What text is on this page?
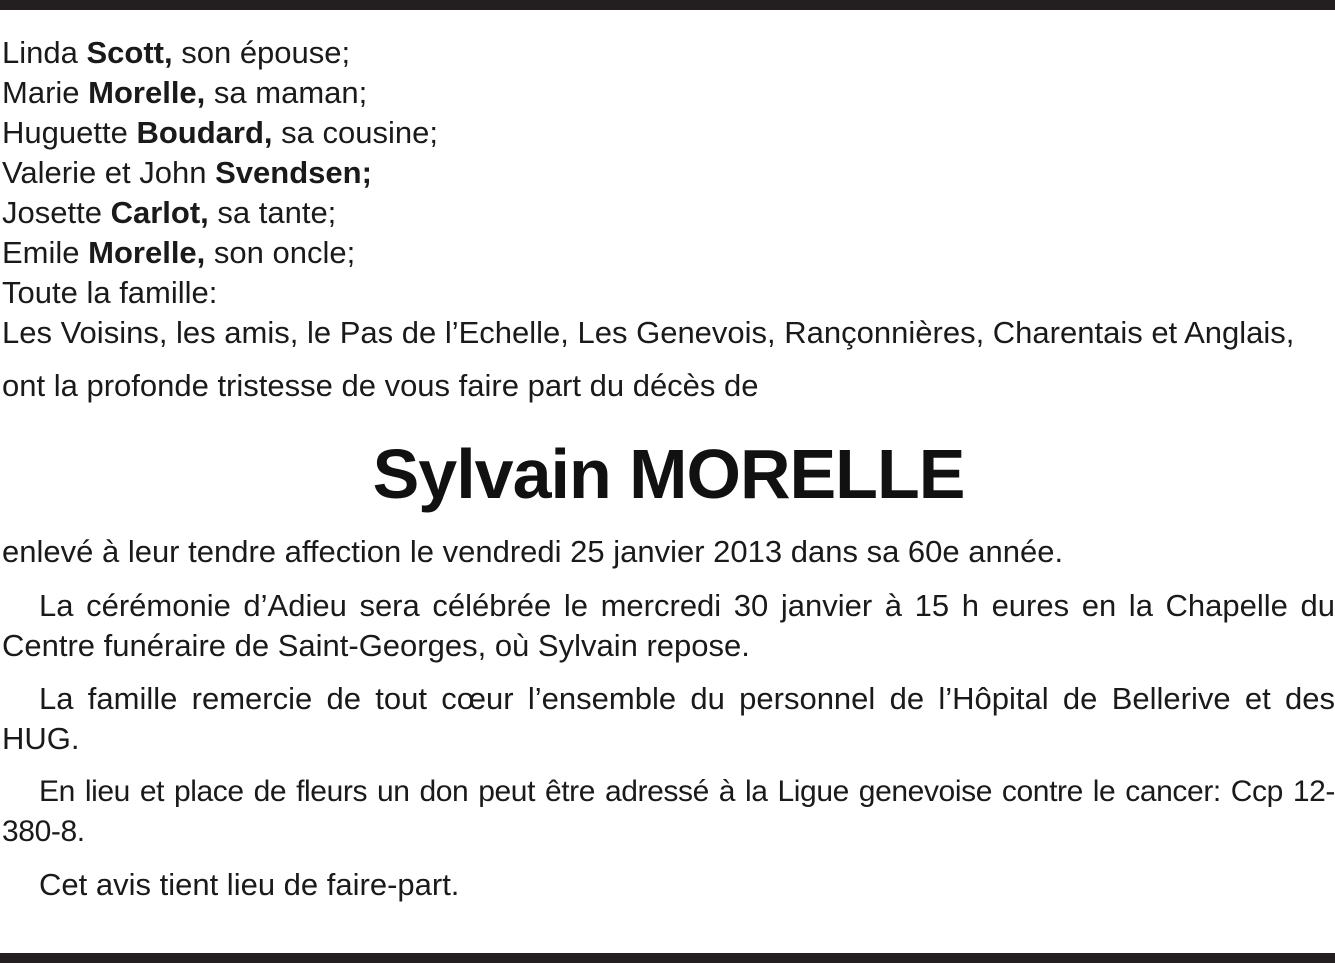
Linda Scott, son épouse;
Marie Morelle, sa maman;
Huguette Boudard, sa cousine;
Valerie et John Svendsen;
Josette Carlot, sa tante;
Emile Morelle, son oncle;
Toute la famille:
Les Voisins, les amis, le Pas de l’Echelle, Les Genevois, Rançonnières, Charentais et Anglais,
ont la profonde tristesse de vous faire part du décès de
Sylvain MORELLE
enlevé à leur tendre affection le vendredi 25 janvier 2013 dans sa 60e année.
La cérémonie d’Adieu sera célébrée le mercredi 30 janvier à 15 h eures en la Chapelle du Centre funéraire de Saint-Georges, où Sylvain repose.
La famille remercie de tout cœur l’ensemble du personnel de l’Hôpital de Bellerive et des HUG.
En lieu et place de fleurs un don peut être adressé à la Ligue genevoise contre le cancer: Ccp 12-380-8.
Cet avis tient lieu de faire-part.
